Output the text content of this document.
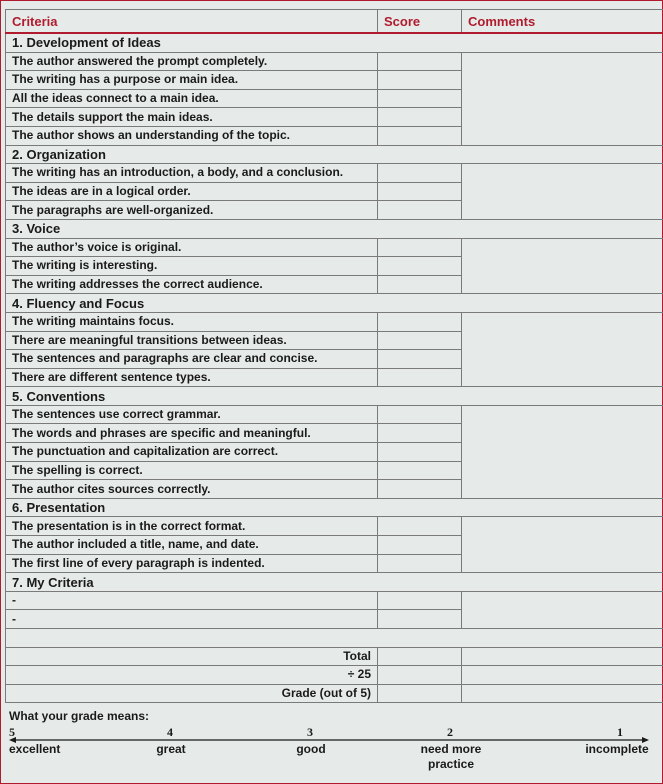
Criteria	Score	Comments
1. Development of Ideas		
The author answered the prompt completely.		
The writing has a purpose or main idea.		
All the ideas connect to a main idea.		
The details support the main ideas.		
The author shows an understanding of the topic.		
2. Organization		
The writing has an introduction, a body, and a conclusion.		
The ideas are in a logical order.		
The paragraphs are well-organized.		
3. Voice		
The author’s voice is original.		
The writing is interesting.		
The writing addresses the correct audience.		
4. Fluency and Focus		
The writing maintains focus.		
There are meaningful transitions between ideas.		
The sentences and paragraphs are clear and concise.		
There are different sentence types.		
5. Conventions		
The sentences use correct grammar.		
The words and phrases are specific and meaningful.		
The punctuation and capitalization are correct.		
The spelling is correct.		
The author cites sources correctly.		
6. Presentation		
The presentation is in the correct format.		
The author included a title, name, and date.		
The first line of every paragraph is indented.		
7. My Criteria		
-		
-		

Total		
÷ 25		
Grade (out of 5)		
What your grade means:
5
excellent
4
great
3
good
2
need more practice
1
incomplete
